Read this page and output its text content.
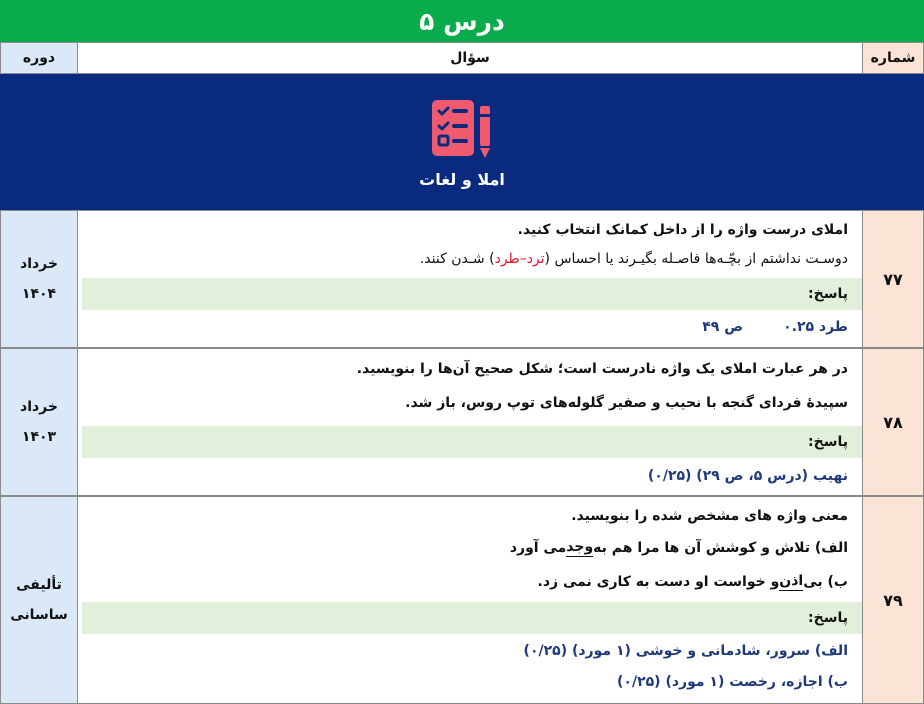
درس ۵
شماره
سؤال
دوره
املا و لغات
۷۷
املای درست واژه را از داخل کمانک انتخاب کنید.
دوسـت نداشتم از بچّـه‌ها فاصـله بگیـرند یا احساس (
ترد
–
طرد
) شـدن کنند.
پاسخ:
طرد ۰.۲۵
ص ۴۹
خرداد
۱۴۰۴
۷۸
در هر عبارت املای یک واژه نادرست است؛ شکل صحیح آن‌ها را بنویسید.
سپیدهٔ فردای گنجه با نحیب و صفیر گلوله‌های توپ روس، باز شد.
پاسخ:
نهیب (درس ۵، ص ۲۹) (۰/۲۵)
خرداد
۱۴۰۳
۷۹
معنی واژه های مشخص شده را بنویسید.
الف) تلاش و کوشش آن ها مرا هم به
وجد
می آورد
ب) بی
اذن
و خواست او دست به کاری نمی زد.
پاسخ:
الف) سرور، شادمانی و خوشی (۱ مورد) (۰/۲۵)
ب) اجازه، رخصت (۱ مورد) (۰/۲۵)
تألیفی
ساسانی
